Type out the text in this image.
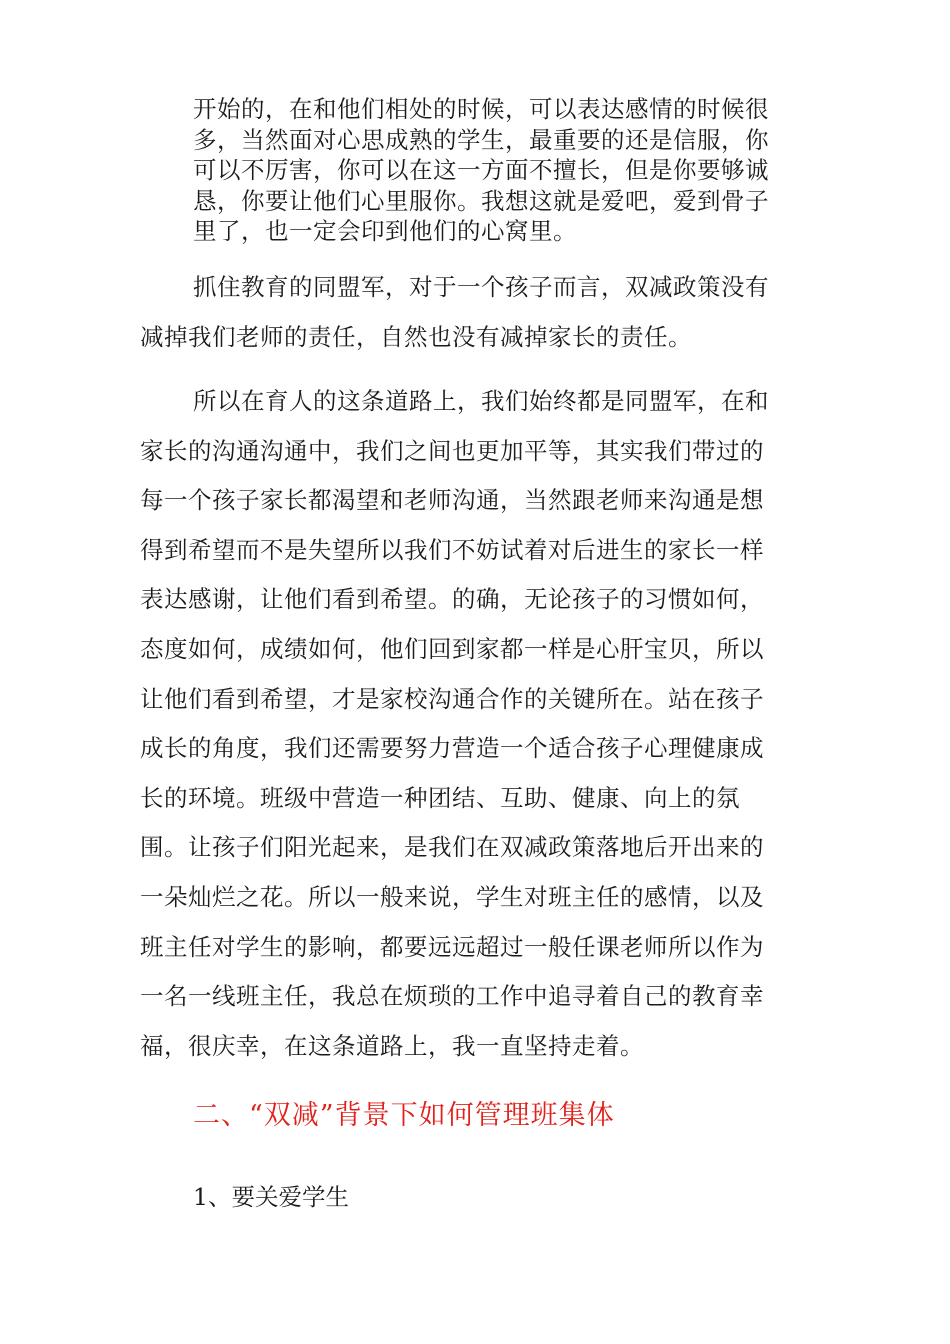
开始的，在和他们相处的时候，可以表达感情的时候很
多，当然面对心思成熟的学生，最重要的还是信服，你
可以不厉害，你可以在这一方面不擅长，但是你要够诚
恳，你要让他们心里服你。我想这就是爱吧，爱到骨子
里了，也一定会印到他们的心窝里。
抓住教育的同盟军，对于一个孩子而言，双减政策没有
减掉我们老师的责任，自然也没有减掉家长的责任。
所以在育人的这条道路上，我们始终都是同盟军，在和
家长的沟通沟通中，我们之间也更加平等，其实我们带过的
每一个孩子家长都渴望和老师沟通，当然跟老师来沟通是想
得到希望而不是失望所以我们不妨试着对后进生的家长一样
表达感谢，让他们看到希望。的确，无论孩子的习惯如何，
态度如何，成绩如何，他们回到家都一样是心肝宝贝，所以
让他们看到希望，才是家校沟通合作的关键所在。站在孩子
成长的角度，我们还需要努力营造一个适合孩子心理健康成
长的环境。班级中营造一种团结、互助、健康、向上的氛
围。让孩子们阳光起来，是我们在双减政策落地后开出来的
一朵灿烂之花。所以一般来说，学生对班主任的感情，以及
班主任对学生的影响，都要远远超过一般任课老师所以作为
一名一线班主任，我总在烦琐的工作中追寻着自己的教育幸
福，很庆幸，在这条道路上，我一直坚持走着。
二、“双减”背景下如何管理班集体
1、要关爱学生
